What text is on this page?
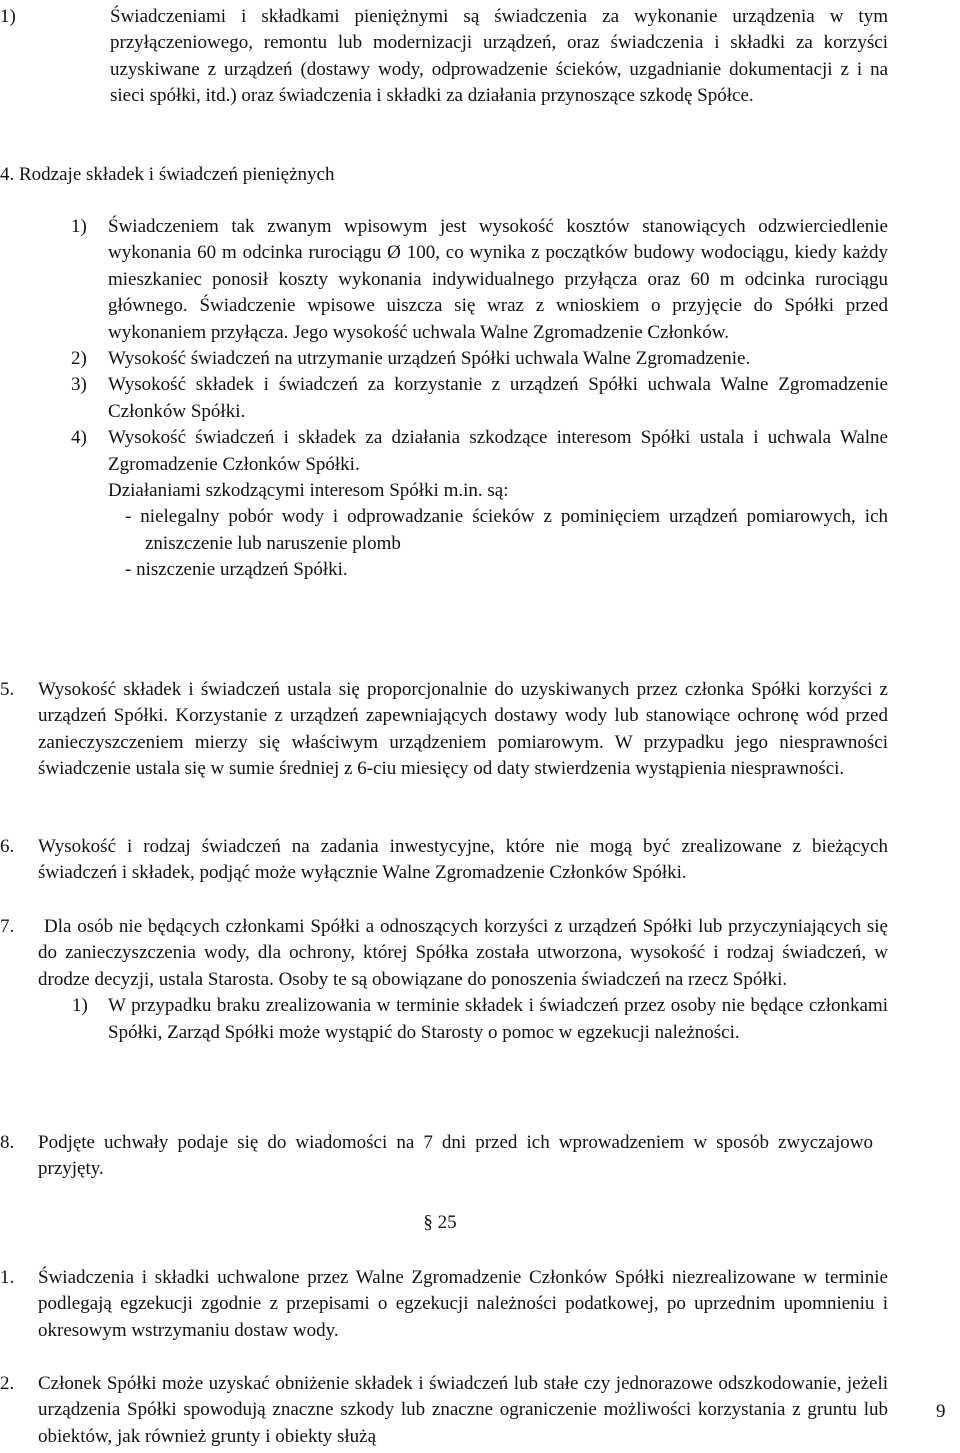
1)	Świadczeniami i składkami pieniężnymi są świadczenia za wykonanie urządzenia w tym przyłączeniowego, remontu lub modernizacji urządzeń, oraz świadczenia i składki za korzyści uzyskiwane z urządzeń (dostawy wody, odprowadzenie ścieków, uzgadnianie dokumentacji z i na sieci spółki, itd.) oraz świadczenia i składki za działania przynoszące szkodę Spółce.
4. Rodzaje składek i świadczeń pieniężnych
1) Świadczeniem tak zwanym wpisowym jest wysokość kosztów stanowiących odzwierciedlenie wykonania 60 m odcinka rurociągu Ø 100, co wynika z początków budowy wodociągu, kiedy każdy mieszkaniec ponosił koszty wykonania indywidualnego przyłącza oraz 60 m odcinka rurociągu głównego. Świadczenie wpisowe uiszcza się wraz z wnioskiem o przyjęcie do Spółki przed wykonaniem przyłącza. Jego wysokość uchwala Walne Zgromadzenie Członków.
2) Wysokość świadczeń na utrzymanie urządzeń Spółki uchwala Walne Zgromadzenie.
3) Wysokość składek i świadczeń za korzystanie z urządzeń Spółki uchwala Walne Zgromadzenie Członków Spółki.
4) Wysokość świadczeń i składek za działania szkodzące interesom Spółki ustala i uchwala Walne Zgromadzenie Członków Spółki.
Działaniami szkodzącymi interesom Spółki m.in. są:
- nielegalny pobór wody i odprowadzanie ścieków z pominięciem urządzeń pomiarowych, ich zniszczenie lub naruszenie plomb
- niszczenie urządzeń Spółki.
5. Wysokość składek i świadczeń ustala się proporcjonalnie do uzyskiwanych przez członka Spółki korzyści z urządzeń Spółki. Korzystanie z urządzeń zapewniających dostawy wody lub stanowiące ochronę wód przed zanieczyszczeniem mierzy się właściwym urządzeniem pomiarowym. W przypadku jego niesprawności świadczenie ustala się w sumie średniej z 6-ciu miesięcy od daty stwierdzenia wystąpienia niesprawności.
6. Wysokość i rodzaj świadczeń na zadania inwestycyjne, które nie mogą być zrealizowane z bieżących świadczeń i składek, podjąć może wyłącznie Walne Zgromadzenie Członków Spółki.
7.	Dla osób nie będących członkami Spółki a odnoszących korzyści z urządzeń Spółki lub przyczyniających się do zanieczyszczenia wody, dla ochrony, której Spółka została utworzona, wysokość i rodzaj świadczeń, w drodze decyzji, ustala Starosta. Osoby te są obowiązane do ponoszenia świadczeń na rzecz Spółki.
1) W przypadku braku zrealizowania w terminie składek i świadczeń przez osoby nie będące członkami Spółki, Zarząd Spółki może wystąpić do Starosty o pomoc w egzekucji należności.
8. Podjęte uchwały podaje się do wiadomości na 7 dni przed ich wprowadzeniem w sposób zwyczajowo przyjęty.
§ 25
1. Świadczenia i składki uchwalone przez Walne Zgromadzenie Członków Spółki niezrealizowane w terminie podlegają egzekucji zgodnie z przepisami o egzekucji należności podatkowej, po uprzednim upomnieniu i okresowym wstrzymaniu dostaw wody.
2. Członek Spółki może uzyskać obniżenie składek i świadczeń lub stałe czy jednorazowe odszkodowanie, jeżeli urządzenia Spółki spowodują znaczne szkody lub znaczne ograniczenie możliwości korzystania z gruntu lub obiektów, jak również grunty i obiekty służą
9
